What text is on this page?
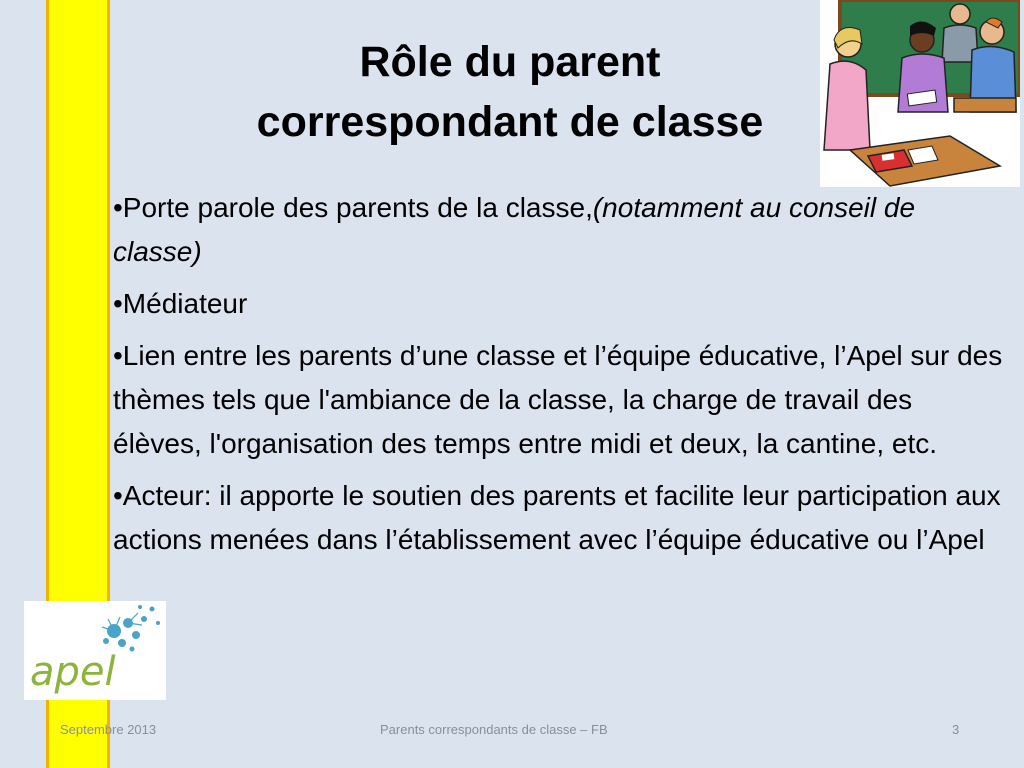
Rôle du parent
correspondant de classe

•Porte parole des parents de la classe,(notamment au conseil de classe)

•Médiateur

•Lien entre les parents d’une classe et l’équipe éducative, l’Apel sur des thèmes tels que l'ambiance de la classe, la charge de travail des élèves, l'organisation des temps entre midi et deux, la cantine, etc.

•Acteur: il apporte le soutien des parents et facilite leur participation aux actions menées dans l’établissement avec l’équipe éducative ou l’Apel

apel
Septembre 2013	Parents correspondants de classe – FB	3
